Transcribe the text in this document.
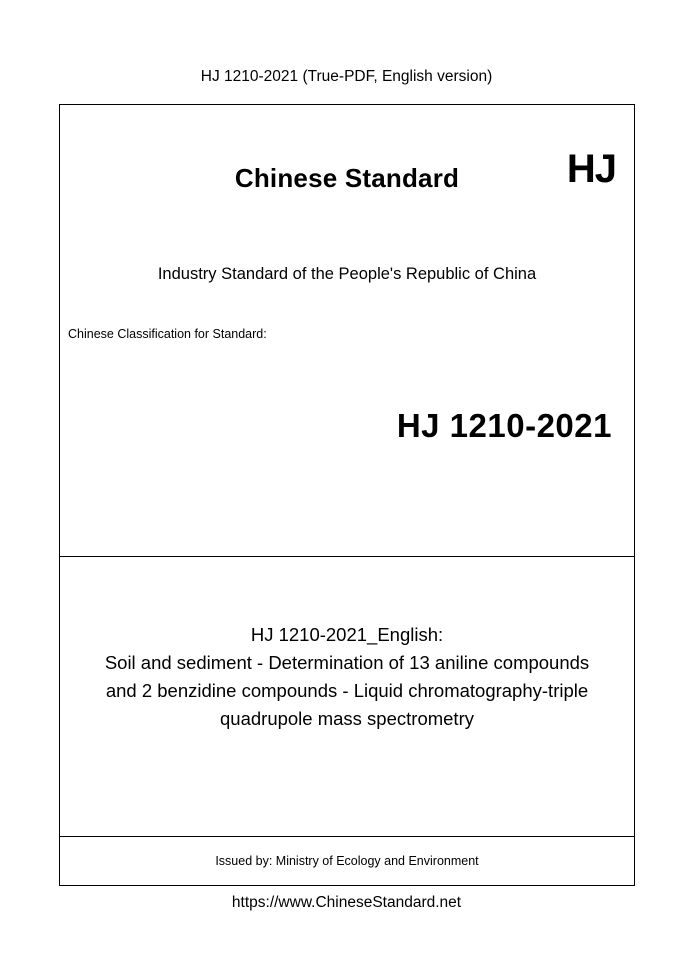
HJ 1210-2021 (True-PDF, English version)
Chinese Standard	HJ
Industry Standard of the People's Republic of China
Chinese Classification for Standard:
HJ 1210-2021
HJ 1210-2021_English:
Soil and sediment - Determination of 13 aniline compounds
and 2 benzidine compounds - Liquid chromatography-triple
quadrupole mass spectrometry
Issued by: Ministry of Ecology and Environment
https://www.ChineseStandard.net
